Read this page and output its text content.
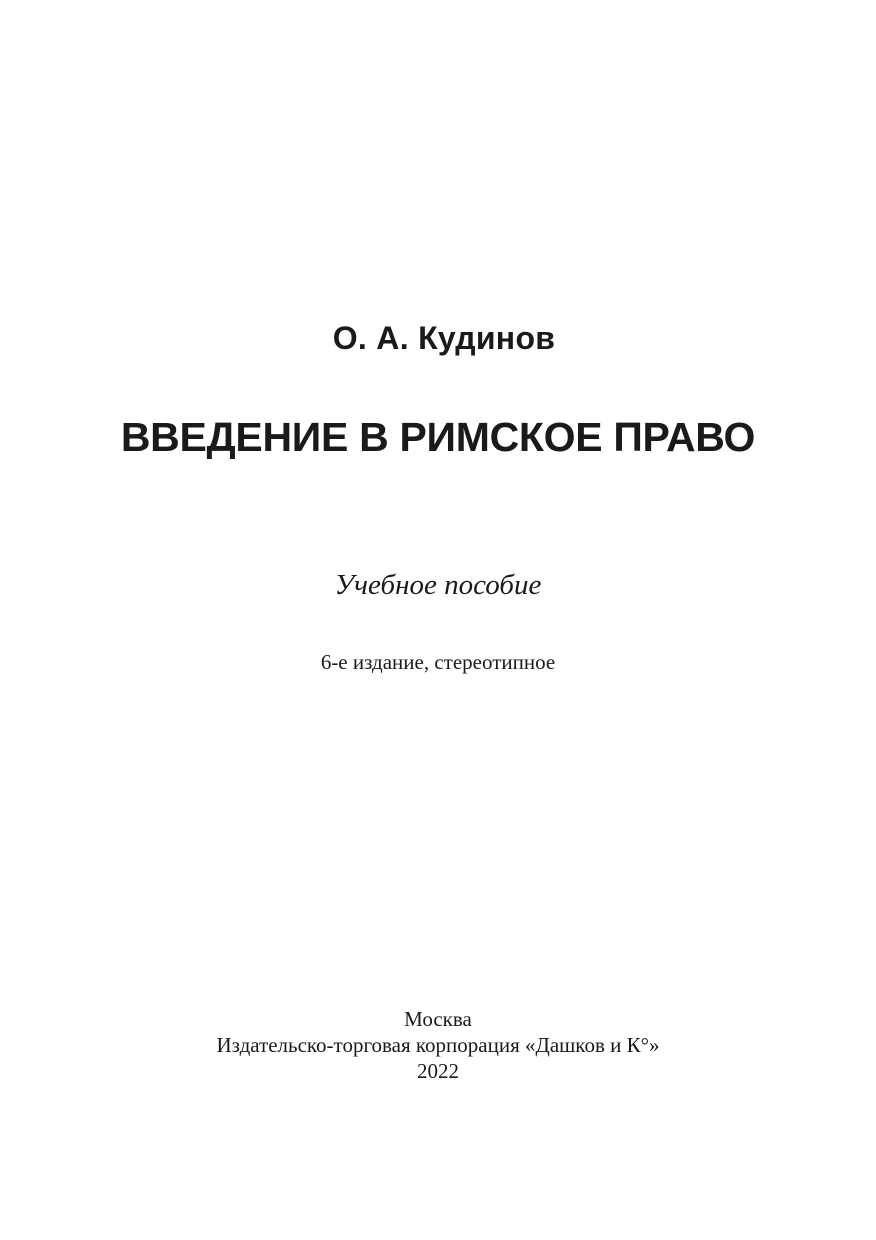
О. А. Кудинов
ВВЕДЕНИЕ В РИМСКОЕ ПРАВО
Учебное пособие
6-е издание, стереотипное
Москва
Издательско-торговая корпорация «Дашков и К°»
2022
